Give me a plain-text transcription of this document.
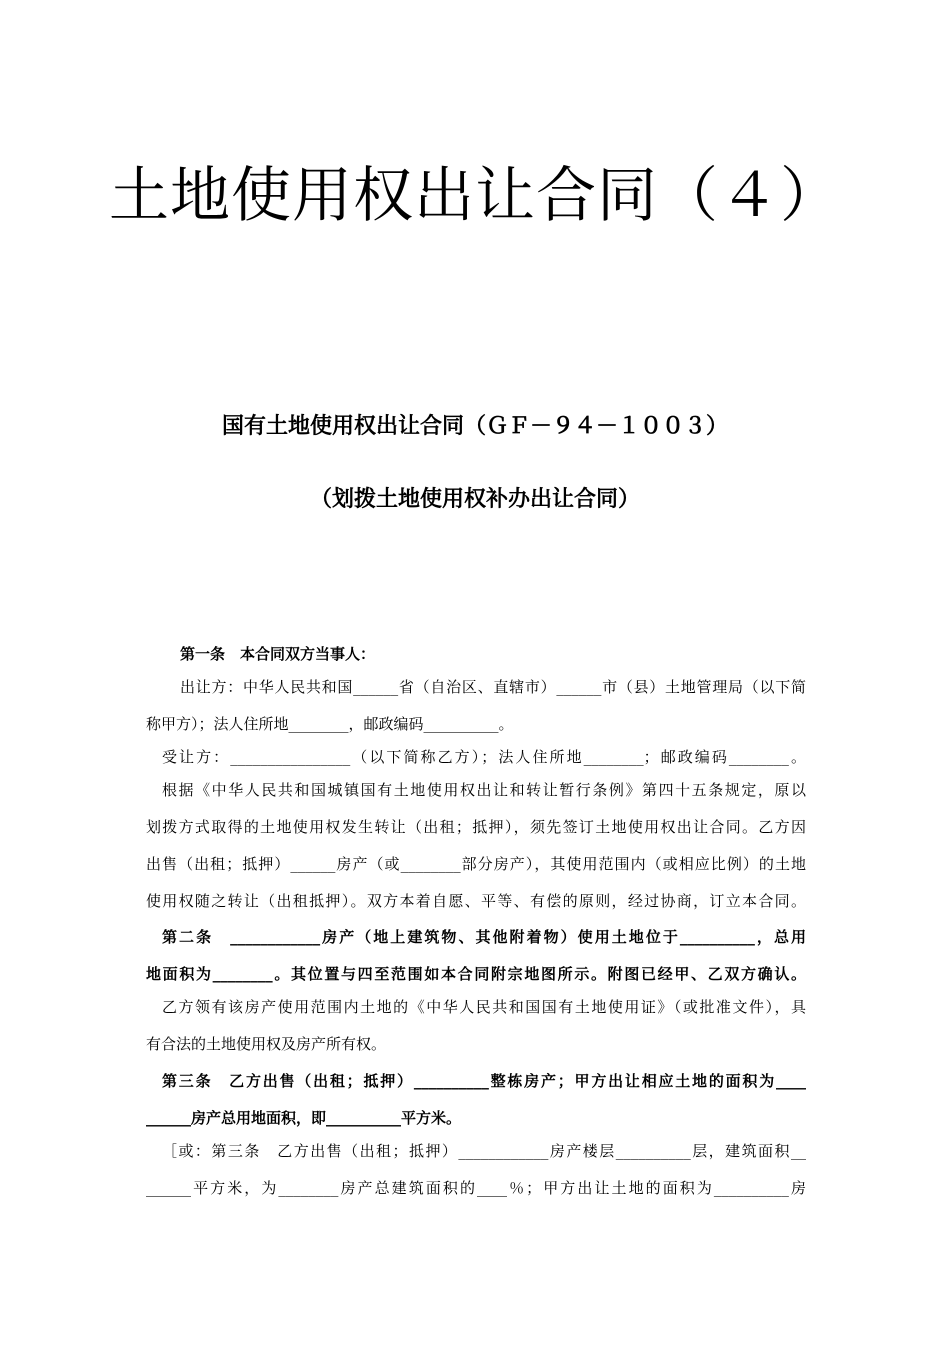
土地使用权出让合同（４）
国有土地使用权出让合同（ＧＦ－９４－１００３）
（划拨土地使用权补办出让合同）
第一条　本合同双方当事人：
出让方：中华人民共和国______省（自治区、直辖市）______市（县）土地管理局（以下简
称甲方）；法人住所地________，邮政编码__________。
受让方：________________（以下简称乙方）；法人住所地________；邮政编码________。
根据《中华人民共和国城镇国有土地使用权出让和转让暂行条例》第四十五条规定，原以
划拨方式取得的土地使用权发生转让（出租；抵押），须先签订土地使用权出让合同。乙方因
出售（出租；抵押）______房产（或________部分房产），其使用范围内（或相应比例）的土地
使用权随之转让（出租抵押）。双方本着自愿、平等、有偿的原则，经过协商，订立本合同。
第二条　____________房产（地上建筑物、其他附着物）使用土地位于__________，总用
地面积为________。其位置与四至范围如本合同附宗地图所示。附图已经甲、乙双方确认。
乙方领有该房产使用范围内土地的《中华人民共和国国有土地使用证》（或批准文件），具
有合法的土地使用权及房产所有权。
第三条　乙方出售（出租；抵押）__________整栋房产；甲方出让相应土地的面积为____
______房产总用地面积，即__________平方米。
［或：第三条　乙方出售（出租；抵押）____________房产楼层__________层，建筑面积__
______平方米，为________房产总建筑面积的____％；甲方出让土地的面积为__________房
